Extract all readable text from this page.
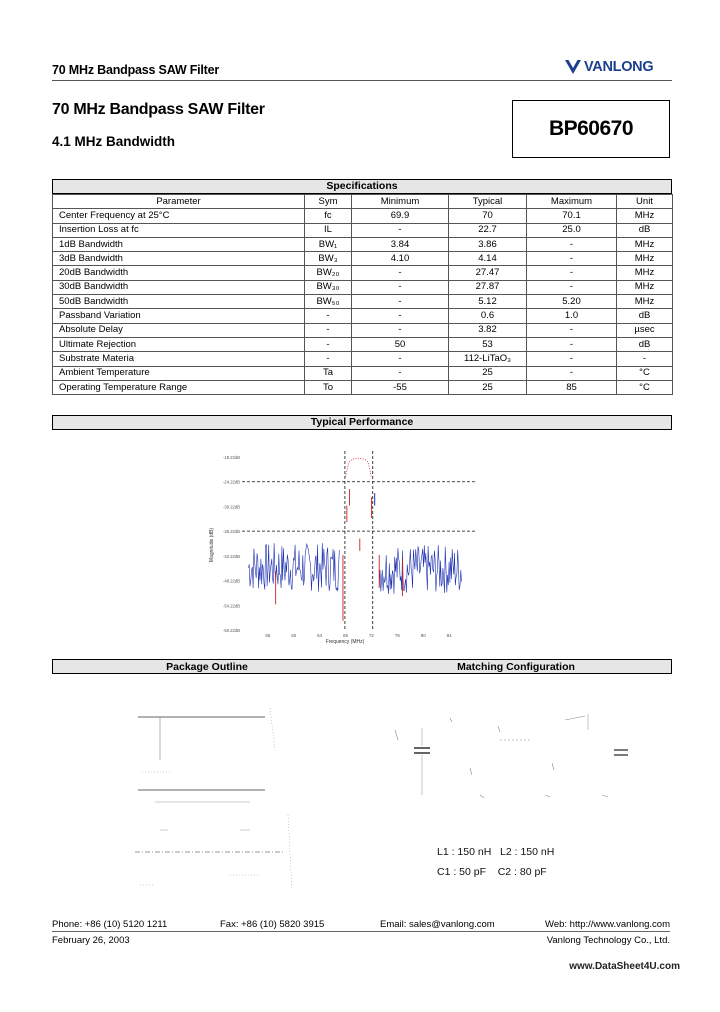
70 MHz Bandpass SAW Filter	VANLONG
70 MHz Bandpass SAW Filter
4.1 MHz Bandwidth
BP60670
Specifications
Parameter	Sym	Minimum	Typical	Maximum	Unit
Center Frequency at 25°C	fc	69.9	70	70.1	MHz
Insertion Loss at fc	IL	-	22.7	25.0	dB
1dB Bandwidth	BW₁	3.84	3.86	-	MHz
3dB Bandwidth	BW₃	4.10	4.14	-	MHz
20dB Bandwidth	BW₂₀	-	27.47	-	MHz
30dB Bandwidth	BW₃₀	-	27.87	-	MHz
50dB Bandwidth	BW₅₀	-	5.12	5.20	MHz
Passband Variation	-	-	0.6	1.0	dB
Absolute Delay	-	-	3.82	-	µsec
Ultimate Rejection	-	50	53	-	dB
Substrate Materia	-	-	112-LiTaO₃	-	-
Ambient Temperature	Ta	-	25	-	°C
Operating Temperature Range	To	-55	25	85	°C
Typical Performance
-18.22dB
-24.22dB
-30.22dB
-36.22dB
-42.22dB
-48.22dB
-54.22dB
-60.22dB
56	60	64	68	72	76	80	84
Frequency (MHz)
Magnitude (dB)
Package Outline	Matching Configuration
L1 : 150 nH   L2 : 150 nH
C1 : 50 pF    C2 : 80 pF
Phone: +86 (10) 5120 1211	Fax: +86 (10) 5820 3915	Email: sales@vanlong.com	Web: http://www.vanlong.com
February 26, 2003	Vanlong Technology Co., Ltd.
www.DataSheet4U.com
